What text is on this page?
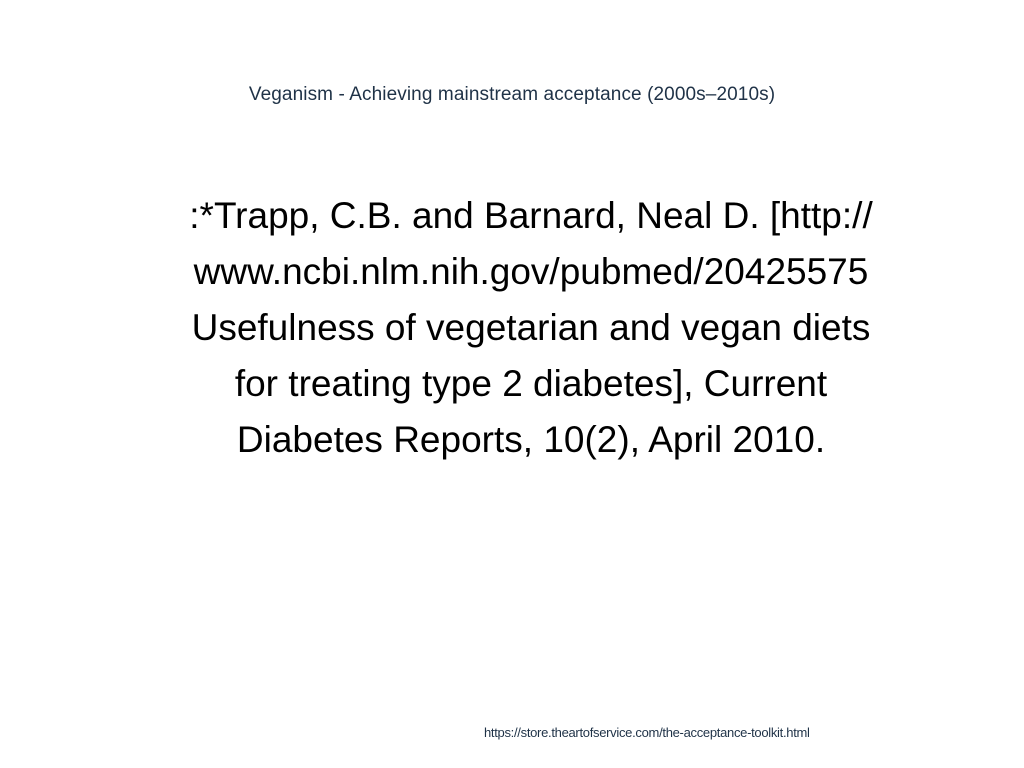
Veganism - Achieving mainstream acceptance (2000s–2010s)
:*Trapp, C.B. and Barnard, Neal D. [http://
www.ncbi.nlm.nih.gov/pubmed/20425575
Usefulness of vegetarian and vegan diets
for treating type 2 diabetes], Current
Diabetes Reports, 10(2), April 2010.
https://store.theartofservice.com/the-acceptance-toolkit.html
